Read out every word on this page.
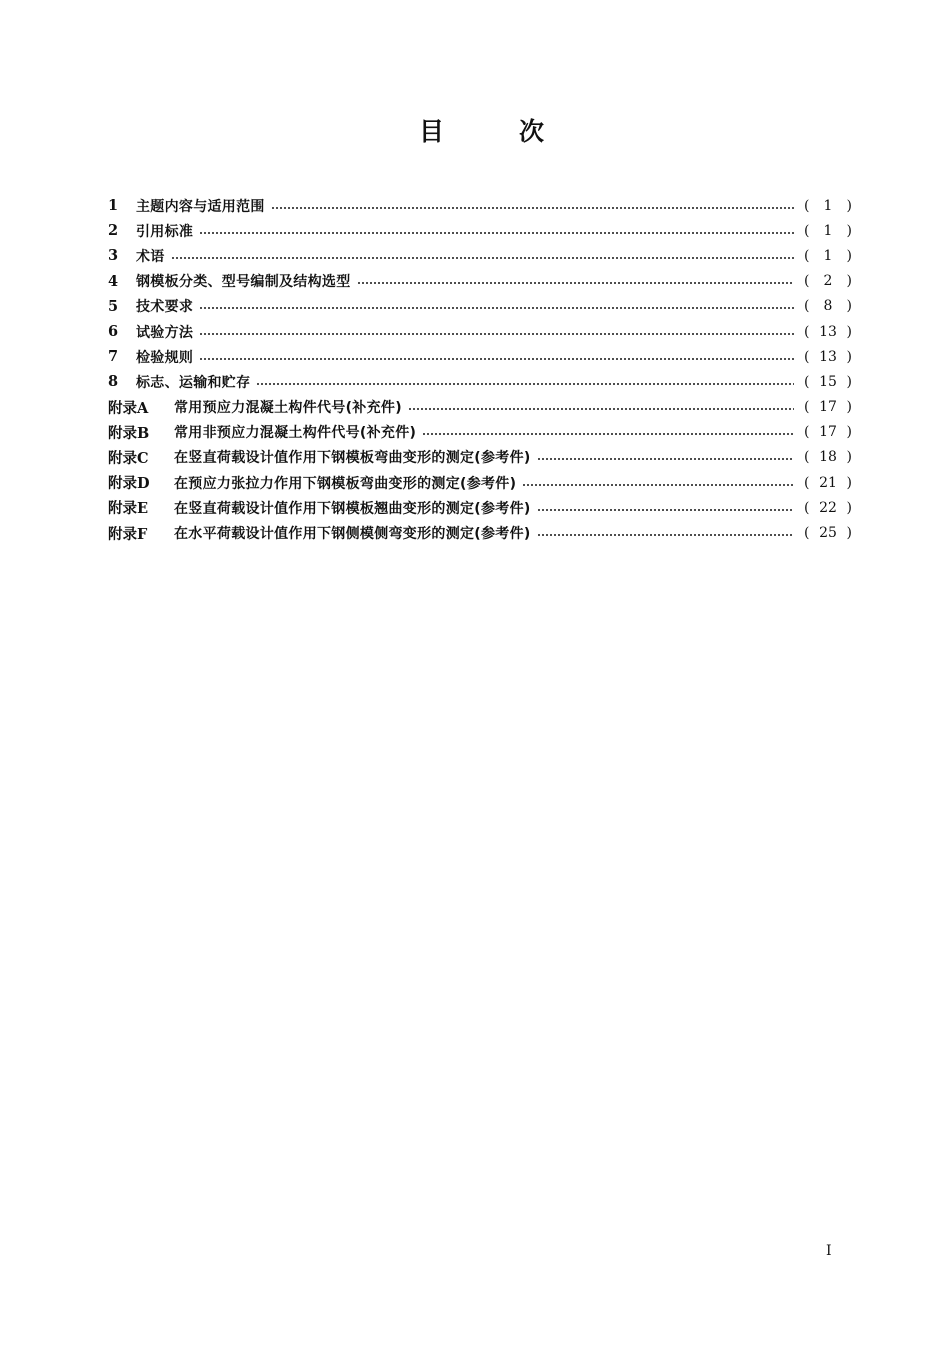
目	次
1	主题内容与适用范围	(	1	)
2	引用标准	(	1	)
3	术语	(	1	)
4	钢模板分类、型号编制及结构选型	(	2	)
5	技术要求	(	8	)
6	试验方法	( 13 )
7	检验规则	( 13 )
8	标志、运输和贮存	( 15 )
附录A	常用预应力混凝土构件代号(补充件)	( 17 )
附录B	常用非预应力混凝土构件代号(补充件)	( 17 )
附录C	在竖直荷载设计值作用下钢模板弯曲变形的测定(参考件)	( 18 )
附录D	在预应力张拉力作用下钢模板弯曲变形的测定(参考件)	( 21 )
附录E	在竖直荷载设计值作用下钢模板翘曲变形的测定(参考件)	( 22 )
附录F	在水平荷载设计值作用下钢侧模侧弯变形的测定(参考件)	( 25 )
I
